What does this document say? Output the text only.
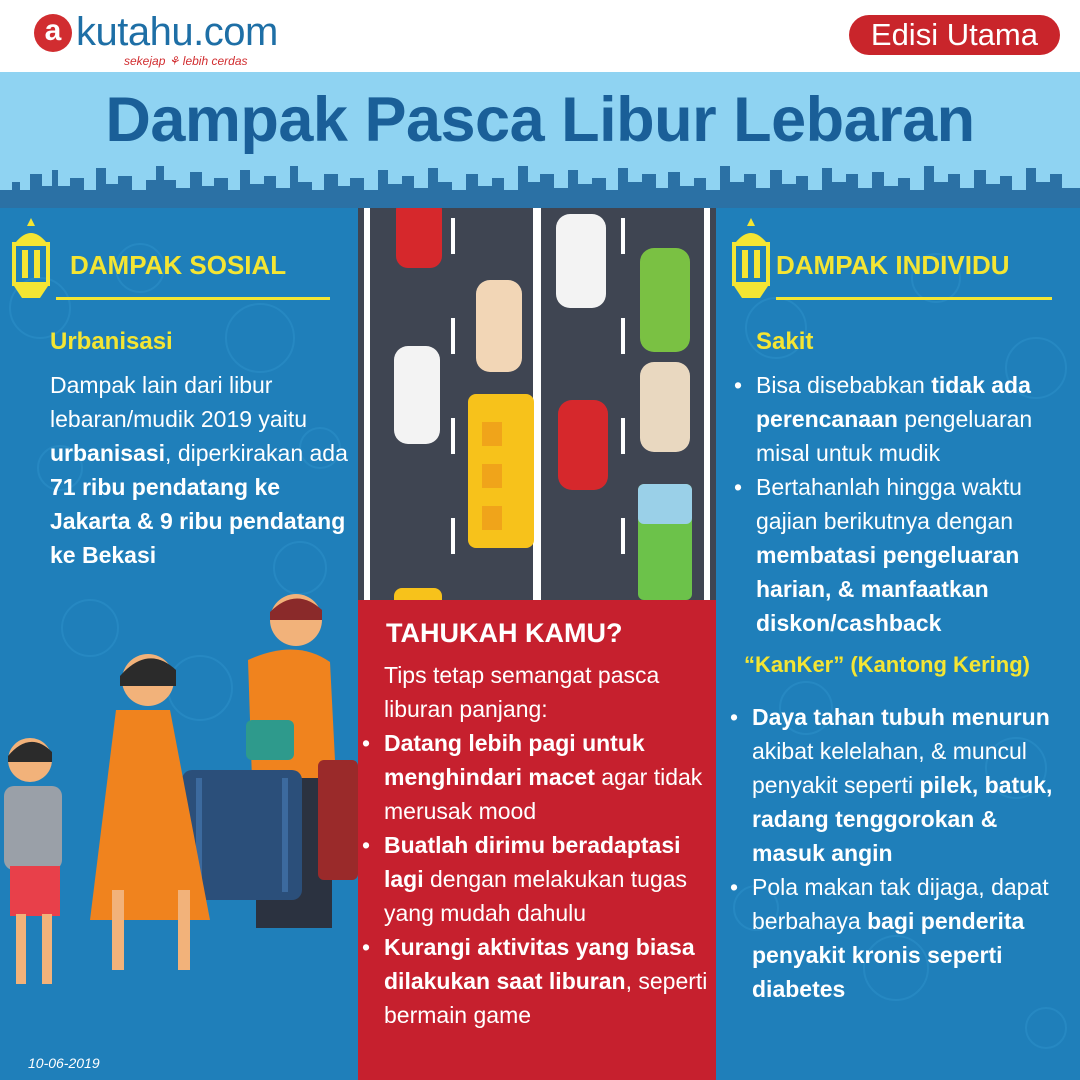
a kutahu.com
sekejap ⚘ lebih cerdas
Edisi Utama
Dampak Pasca Libur Lebaran
DAMPAK SOSIAL
Urbanisasi
Dampak lain dari libur lebaran/mudik 2019 yaitu urbanisasi, diperkirakan ada 71 ribu pendatang ke Jakarta & 9 ribu pendatang ke Bekasi
10-06-2019
TAHUKAH KAMU?
Tips tetap semangat pasca liburan panjang:
• Datang lebih pagi untuk menghindari macet agar tidak merusak mood
• Buatlah dirimu beradaptasi lagi dengan melakukan tugas yang mudah dahulu
• Kurangi aktivitas yang biasa dilakukan saat liburan, seperti bermain game
DAMPAK INDIVIDU
Sakit
• Bisa disebabkan tidak ada perencanaan pengeluaran misal untuk mudik
• Bertahanlah hingga waktu gajian berikutnya dengan membatasi pengeluaran harian, & manfaatkan diskon/cashback
“KanKer” (Kantong Kering)
• Daya tahan tubuh menurun akibat kelelahan, & muncul penyakit seperti pilek, batuk, radang tenggorokan & masuk angin
• Pola makan tak dijaga, dapat berbahaya bagi penderita penyakit kronis seperti diabetes
